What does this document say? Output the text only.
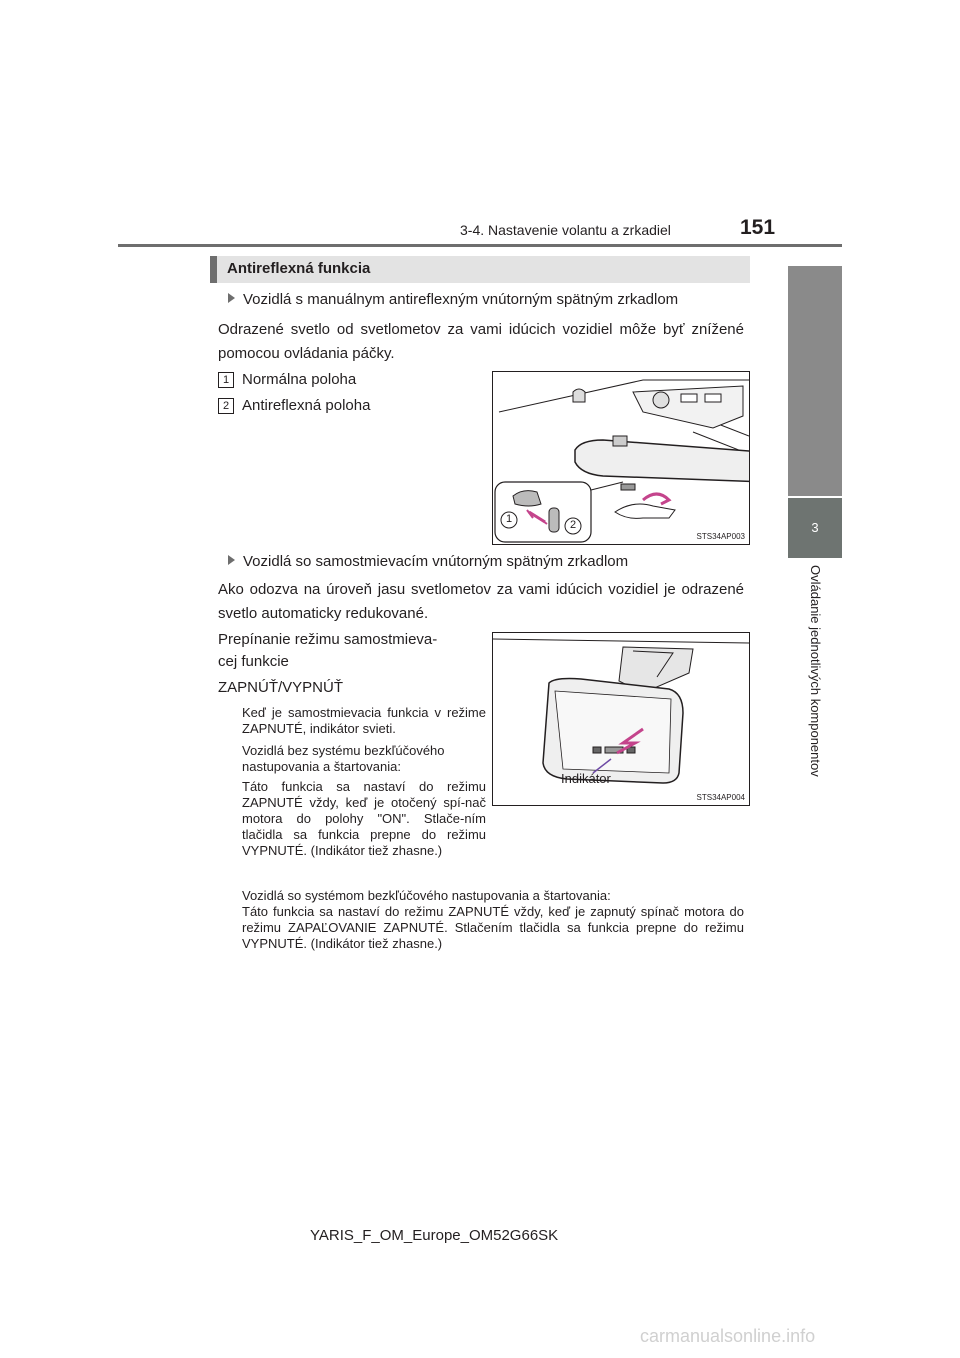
3-4. Nastavenie volantu a zrkadiel	151
3
Ovládanie jednotlivých komponentov
Antireflexná funkcia
Vozidlá s manuálnym antireflexným vnútorným spätným zrkadlom
Odrazené svetlo od svetlometov za vami idúcich vozidiel môže byť znížené pomocou ovládania páčky.
1 Normálna poloha
2 Antireflexná poloha
1	2
STS34AP003
Vozidlá so samostmievacím vnútorným spätným zrkadlom
Ako odozva na úroveň jasu svetlometov za vami idúcich vozidiel je odrazené svetlo automaticky redukované.
Prepínanie režimu samostmieva-
cej funkcie
ZAPNÚŤ/VYPNÚŤ
Keď je samostmievacia funkcia v režime ZAPNUTÉ, indikátor svieti.
Vozidlá bez systému bezkľúčového nastupovania a štartovania:
Táto funkcia sa nastaví do režimu ZAPNUTÉ vždy, keď je otočený spí-nač motora do polohy "ON". Stlače-ním tlačidla sa funkcia prepne do režimu VYPNUTÉ. (Indikátor tiež zhasne.)
Vozidlá so systémom bezkľúčového nastupovania a štartovania:
Táto funkcia sa nastaví do režimu ZAPNUTÉ vždy, keď je zapnutý spínač motora do režimu ZAPAĽOVANIE ZAPNUTÉ. Stlačením tlačidla sa funkcia prepne do režimu VYPNUTÉ. (Indikátor tiež zhasne.)
Indikátor
STS34AP004
YARIS_F_OM_Europe_OM52G66SK
carmanualsonline.info
